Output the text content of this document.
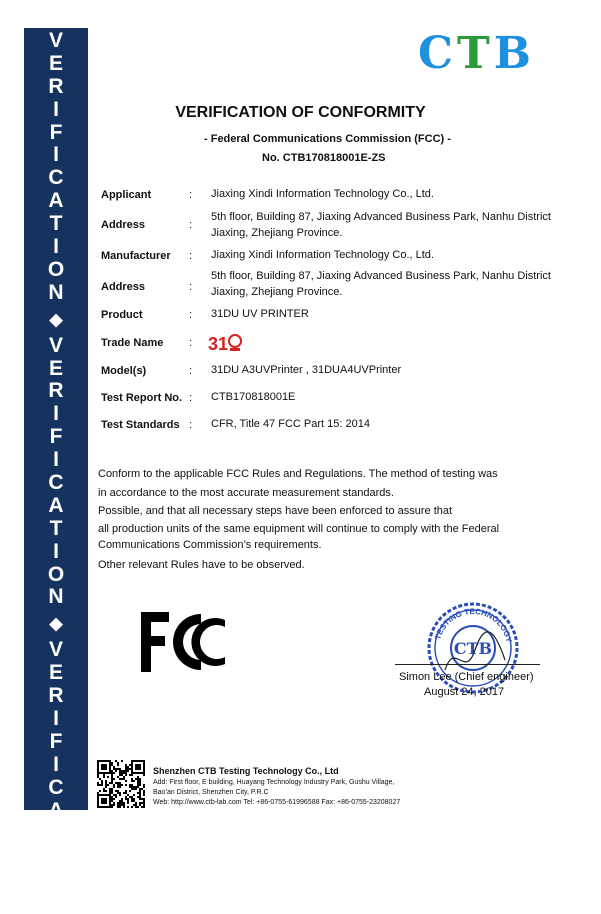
V
E
R
I
F
I
C
A
T
I
O
N
◆
V
E
R
I
F
I
C
A
T
I
O
N
◆
V
E
R
I
F
I
C
A
T
I
O
N
C T B
VERIFICATION OF CONFORMITY
- Federal Communications Commission (FCC) -
No. CTB170818001E-ZS
Applicant	: Jiaxing Xindi Information Technology Co., Ltd.
Address	:
5th floor, Building 87, Jiaxing Advanced Business Park, Nanhu District
Jiaxing, Zhejiang Province.
Manufacturer : Jiaxing Xindi Information Technology Co., Ltd.
Address	:
5th floor, Building 87, Jiaxing Advanced Business Park, Nanhu District
Jiaxing, Zhejiang Province.
Product	: 31DU UV PRINTER
Trade Name : 31
Model(s)	: 31DU A3UVPrinter , 31DUA4UVPrinter
Test Report No. : CTB170818001E
Test Standards : CFR, Title 47 FCC Part 15: 2014
Conform to the applicable FCC Rules and Regulations. The method of testing was
in accordance to the most accurate measurement standards.
Possible, and that all necessary steps have been enforced to assure that
all production units of the same equipment will continue to comply with the Federal
Communications Commission’s requirements.
Other relevant Rules have to be observed.
CTB
TESTING TECHNOLOGY
Simon Lee (Chief engineer)
August 24, 2017
Shenzhen CTB Testing Technology Co., Ltd
Add: First floor, E building, Huayang Technology Industry Park, Gushu Village,
Bao’an District, Shenzhen City, P.R.C
Web: http://www.ctb-lab.com Tel: +86-0755-61996588 Fax: +86-0755-23208027
